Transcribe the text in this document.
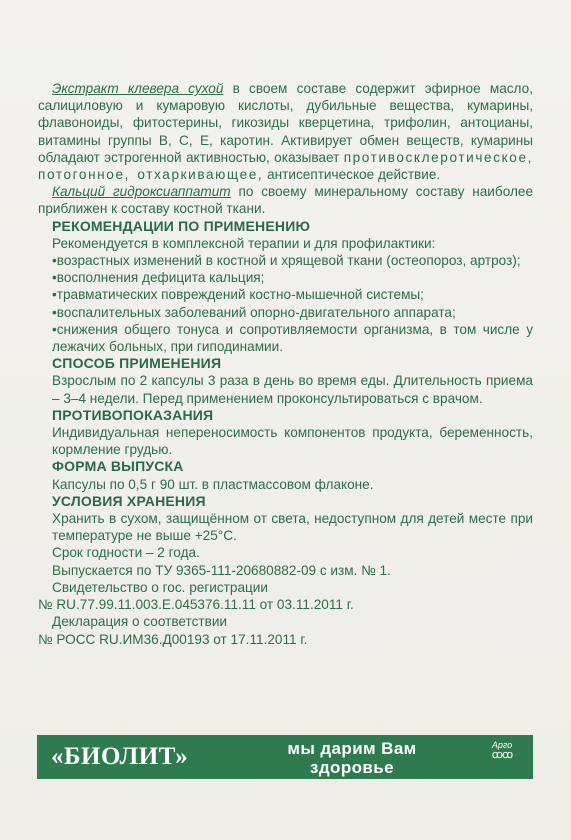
Экстракт клевера сухой в своем составе содержит эфирное масло, салициловую и кумаровую кислоты, дубильные вещества, кумарины, флавоноиды, фитостерины, гикозиды кверцетина, трифолин, антоцианы, витамины группы В, С, Е, каротин. Активирует обмен веществ, кумарины обладают эстрогенной активностью, оказывает противосклеротическое, потогонное, отхаркивающее, антисептическое действие.

Кальций гидроксиаппатит по своему минеральному составу наиболее приближен к составу костной ткани.

РЕКОМЕНДАЦИИ ПО ПРИМЕНЕНИЮ

Рекомендуется в комплексной терапии и для профилактики:

•возрастных изменений в костной и хрящевой ткани (остеопороз, артроз);

•восполнения дефицита кальция;

•травматических повреждений костно-мышечной системы;

•воспалительных заболеваний опорно-двигательного аппарата;

•снижения общего тонуса и сопротивляемости организма, в том числе у лежачих больных, при гиподинамии.

СПОСОБ ПРИМЕНЕНИЯ

Взрослым по 2 капсулы 3 раза в день во время еды. Длительность приема – 3–4 недели. Перед применением проконсультироваться с врачом.

ПРОТИВОПОКАЗАНИЯ

Индивидуальная непереносимость компонентов продукта, беременность, кормление грудью.

ФОРМА ВЫПУСКА

Капсулы по 0,5 г 90 шт. в пластмассовом флаконе.

УСЛОВИЯ ХРАНЕНИЯ

Хранить в сухом, защищённом от света, недоступном для детей месте при температуре не выше +25°С.

Срок годности – 2 года.

Выпускается по ТУ 9365-111-20680882-09 с изм. № 1.

Свидетельство о гос. регистрации

№ RU.77.99.11.003.Е.045376.11.11 от 03.11.2011 г.

Декларация о соответствии

№ РОСС RU.ИМ36.Д00193 от 17.11.2011 г.

«БИОЛИТ»	мы дарим Вам
здоровье
Арго
ꝏꝏ
